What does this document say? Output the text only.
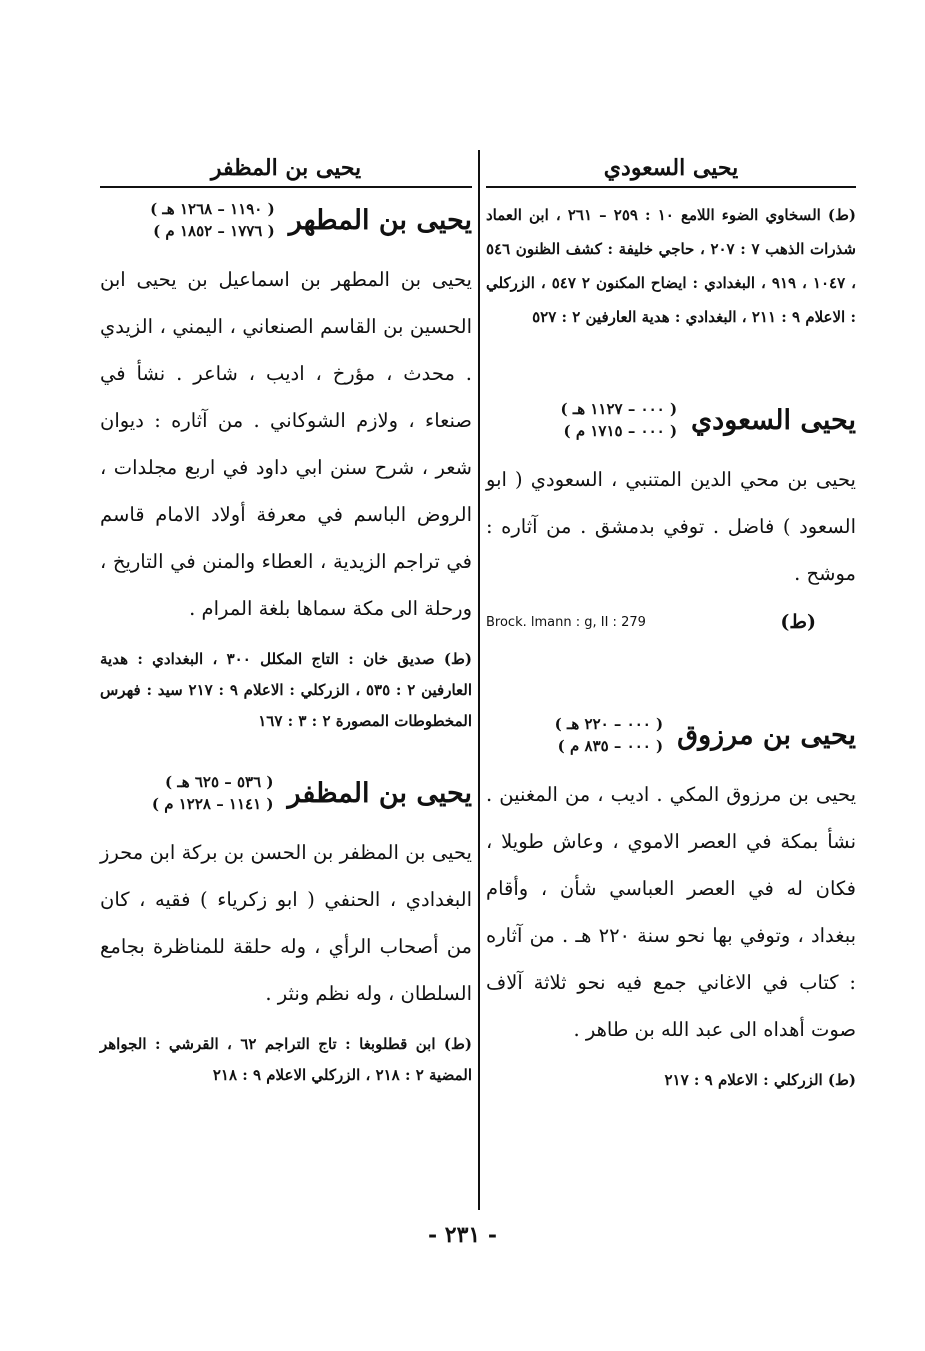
يحيى السعودي

(ط) السخاوي الضوء اللامع ١٠ : ٢٥٩ – ٢٦١ ، ابن العماد شذرات الذهب ٧ : ٢٠٧ ، حاجي خليفة : كشف الظنون ٥٤٦ ، ١٠٤٧ ، ٩١٩ ، البغدادي : ايضاح المكنون ٢ ٥٤٧ ، الزركلي : الاعلام ٩ : ٢١١ ، البغدادي : هدية العارفين ٢ : ٥٢٧

يحيى السعودي
( ٠٠٠ – ١١٢٧ هـ )
( ٠٠٠ – ١٧١٥ م )

يحيى بن محي الدين المتنبي ، السعودي ( ابو السعود ) فاضل . توفي بدمشق . من آثاره : موشح .

Brock. lmann : g, II : 279	(ط)
يحيى بن مرزوق
( ٠٠٠ – ٢٢٠ هـ )
( ٠٠٠ – ٨٣٥ م )

يحيى بن مرزوق المكي . اديب ، من المغنين . نشأ بمكة في العصر الاموي ، وعاش طويلا ، فكان له في العصر العباسي شأن ، وأقام ببغداد ، وتوفي بها نحو سنة ٢٢٠ هـ . من آثاره : كتاب في الاغاني جمع فيه نحو ثلاثة آلاف صوت أهداه الى عبد الله بن طاهر .

(ط) الزركلي : الاعلام ٩ : ٢١٧

يحيى بن المظفر
يحيى بن المطهر
( ١١٩٠ – ١٢٦٨ هـ )
( ١٧٧٦ – ١٨٥٢ م )

يحيى بن المطهر بن اسماعيل بن يحيى ابن الحسين بن القاسم الصنعاني ، اليمني ، الزيدي . محدث ، مؤرخ ، اديب ، شاعر . نشأ في صنعاء ، ولازم الشوكاني . من آثاره : ديوان شعر ، شرح سنن ابي داود في اربع مجلدات ، الروض الباسم في معرفة أولاد الامام قاسم في تراجم الزيدية ، العطاء والمنن في التاريخ ، ورحلة الى مكة سماها بلغة المرام .

(ط) صديق خان : التاج المكلل ٣٠٠ ، البغدادي : هدية العارفين ٢ : ٥٣٥ ، الزركلي : الاعلام ٩ : ٢١٧ سيد : فهرس المخطوطات المصورة ٢ : ٣ : ١٦٧

يحيى بن المظفر
( ٥٣٦ – ٦٢٥ هـ )
( ١١٤١ – ١٢٢٨ م )

يحيى بن المظفر بن الحسن بن بركة ابن محرز البغدادي ، الحنفي ( ابو زكرياء ) فقيه ، كان من أصحاب الرأي ، وله حلقة للمناظرة بجامع السلطان ، وله نظم ونثر .

(ط) ابن قطلوبغا : تاج التراجم ٦٢ ، القرشي : الجواهر المضية ٢ : ٢١٨ ، الزركلي الاعلام ٩ : ٢١٨

- ٢٣١ -
